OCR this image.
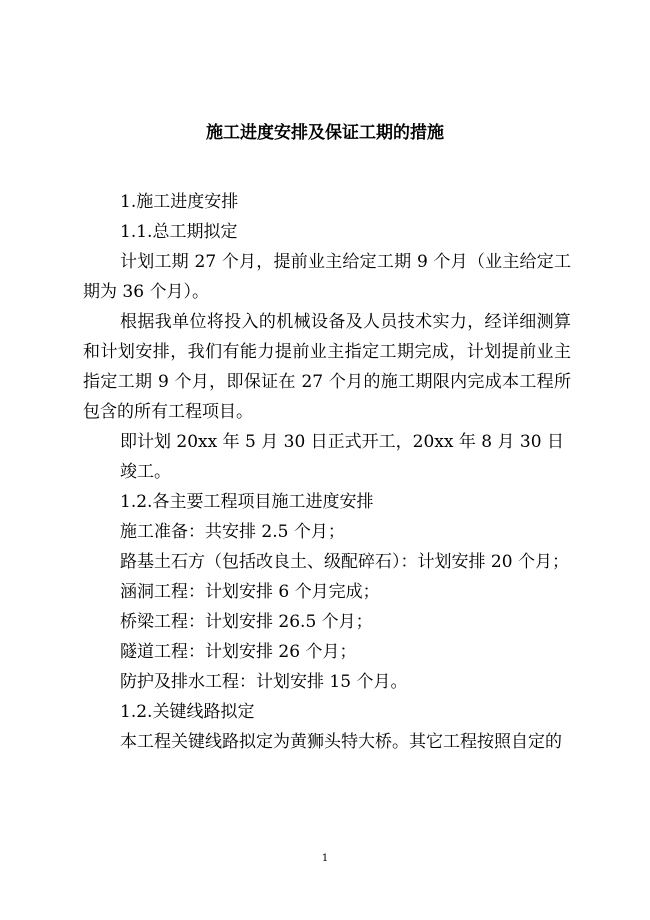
施工进度安排及保证工期的措施

1.施工进度安排

1.1.总工期拟定

计划工期 27 个月，提前业主给定工期 9 个月（业主给定工期为 36 个月）。

根据我单位将投入的机械设备及人员技术实力，经详细测算和计划安排，我们有能力提前业主指定工期完成，计划提前业主指定工期 9 个月，即保证在 27 个月的施工期限内完成本工程所包含的所有工程项目。

即计划 20xx 年 5 月 30 日正式开工，20xx 年 8 月 30 日竣工。

1.2.各主要工程项目施工进度安排

施工准备：共安排 2.5 个月；

路基土石方（包括改良土、级配碎石）：计划安排 20 个月；

涵洞工程：计划安排 6 个月完成；

桥梁工程：计划安排 26.5 个月；

隧道工程：计划安排 26 个月；

防护及排水工程：计划安排 15 个月。

1.2.关键线路拟定

本工程关键线路拟定为黄狮头特大桥。其它工程按照自定的

1
